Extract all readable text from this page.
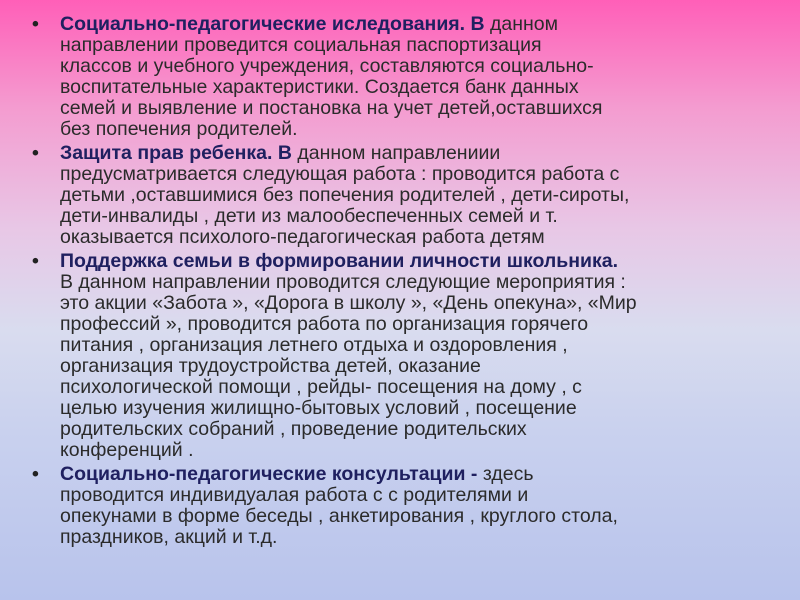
• Социально-педагогические иследования. В данном
направлении проведится социальная паспортизация
классов и учебного учреждения, составляются социально-
воспитательные характеристики. Создается банк данных
семей и выявление и постановка на учет детей,оставшихся
без попечения родителей.
• Защита прав ребенка. В данном направлениии
предусматривается следующая работа : проводится работа с
детьми ,оставшимися без попечения родителей , дети-сироты,
дети-инвалиды , дети из малообеспеченных семей и т.
оказывается психолого-педагогическая работа детям
• Поддержка семьи в формировании личности школьника.
В данном направлении проводится следующие мероприятия :
это акции «Забота », «Дорога в школу », «День опекуна», «Мир
профессий », проводится работа по организация горячего
питания , организация летнего отдыха и оздоровления ,
организация трудоустройства детей, оказание
психологической помощи , рейды- посещения на дому , с
целью изучения жилищно-бытовых условий , посещение
родительских собраний , проведение родительских
конференций .
• Социально-педагогические консультации - здесь
проводится индивидуалая работа с с родителями и
опекунами в форме беседы , анкетирования , круглого стола,
праздников, акций и т.д.
